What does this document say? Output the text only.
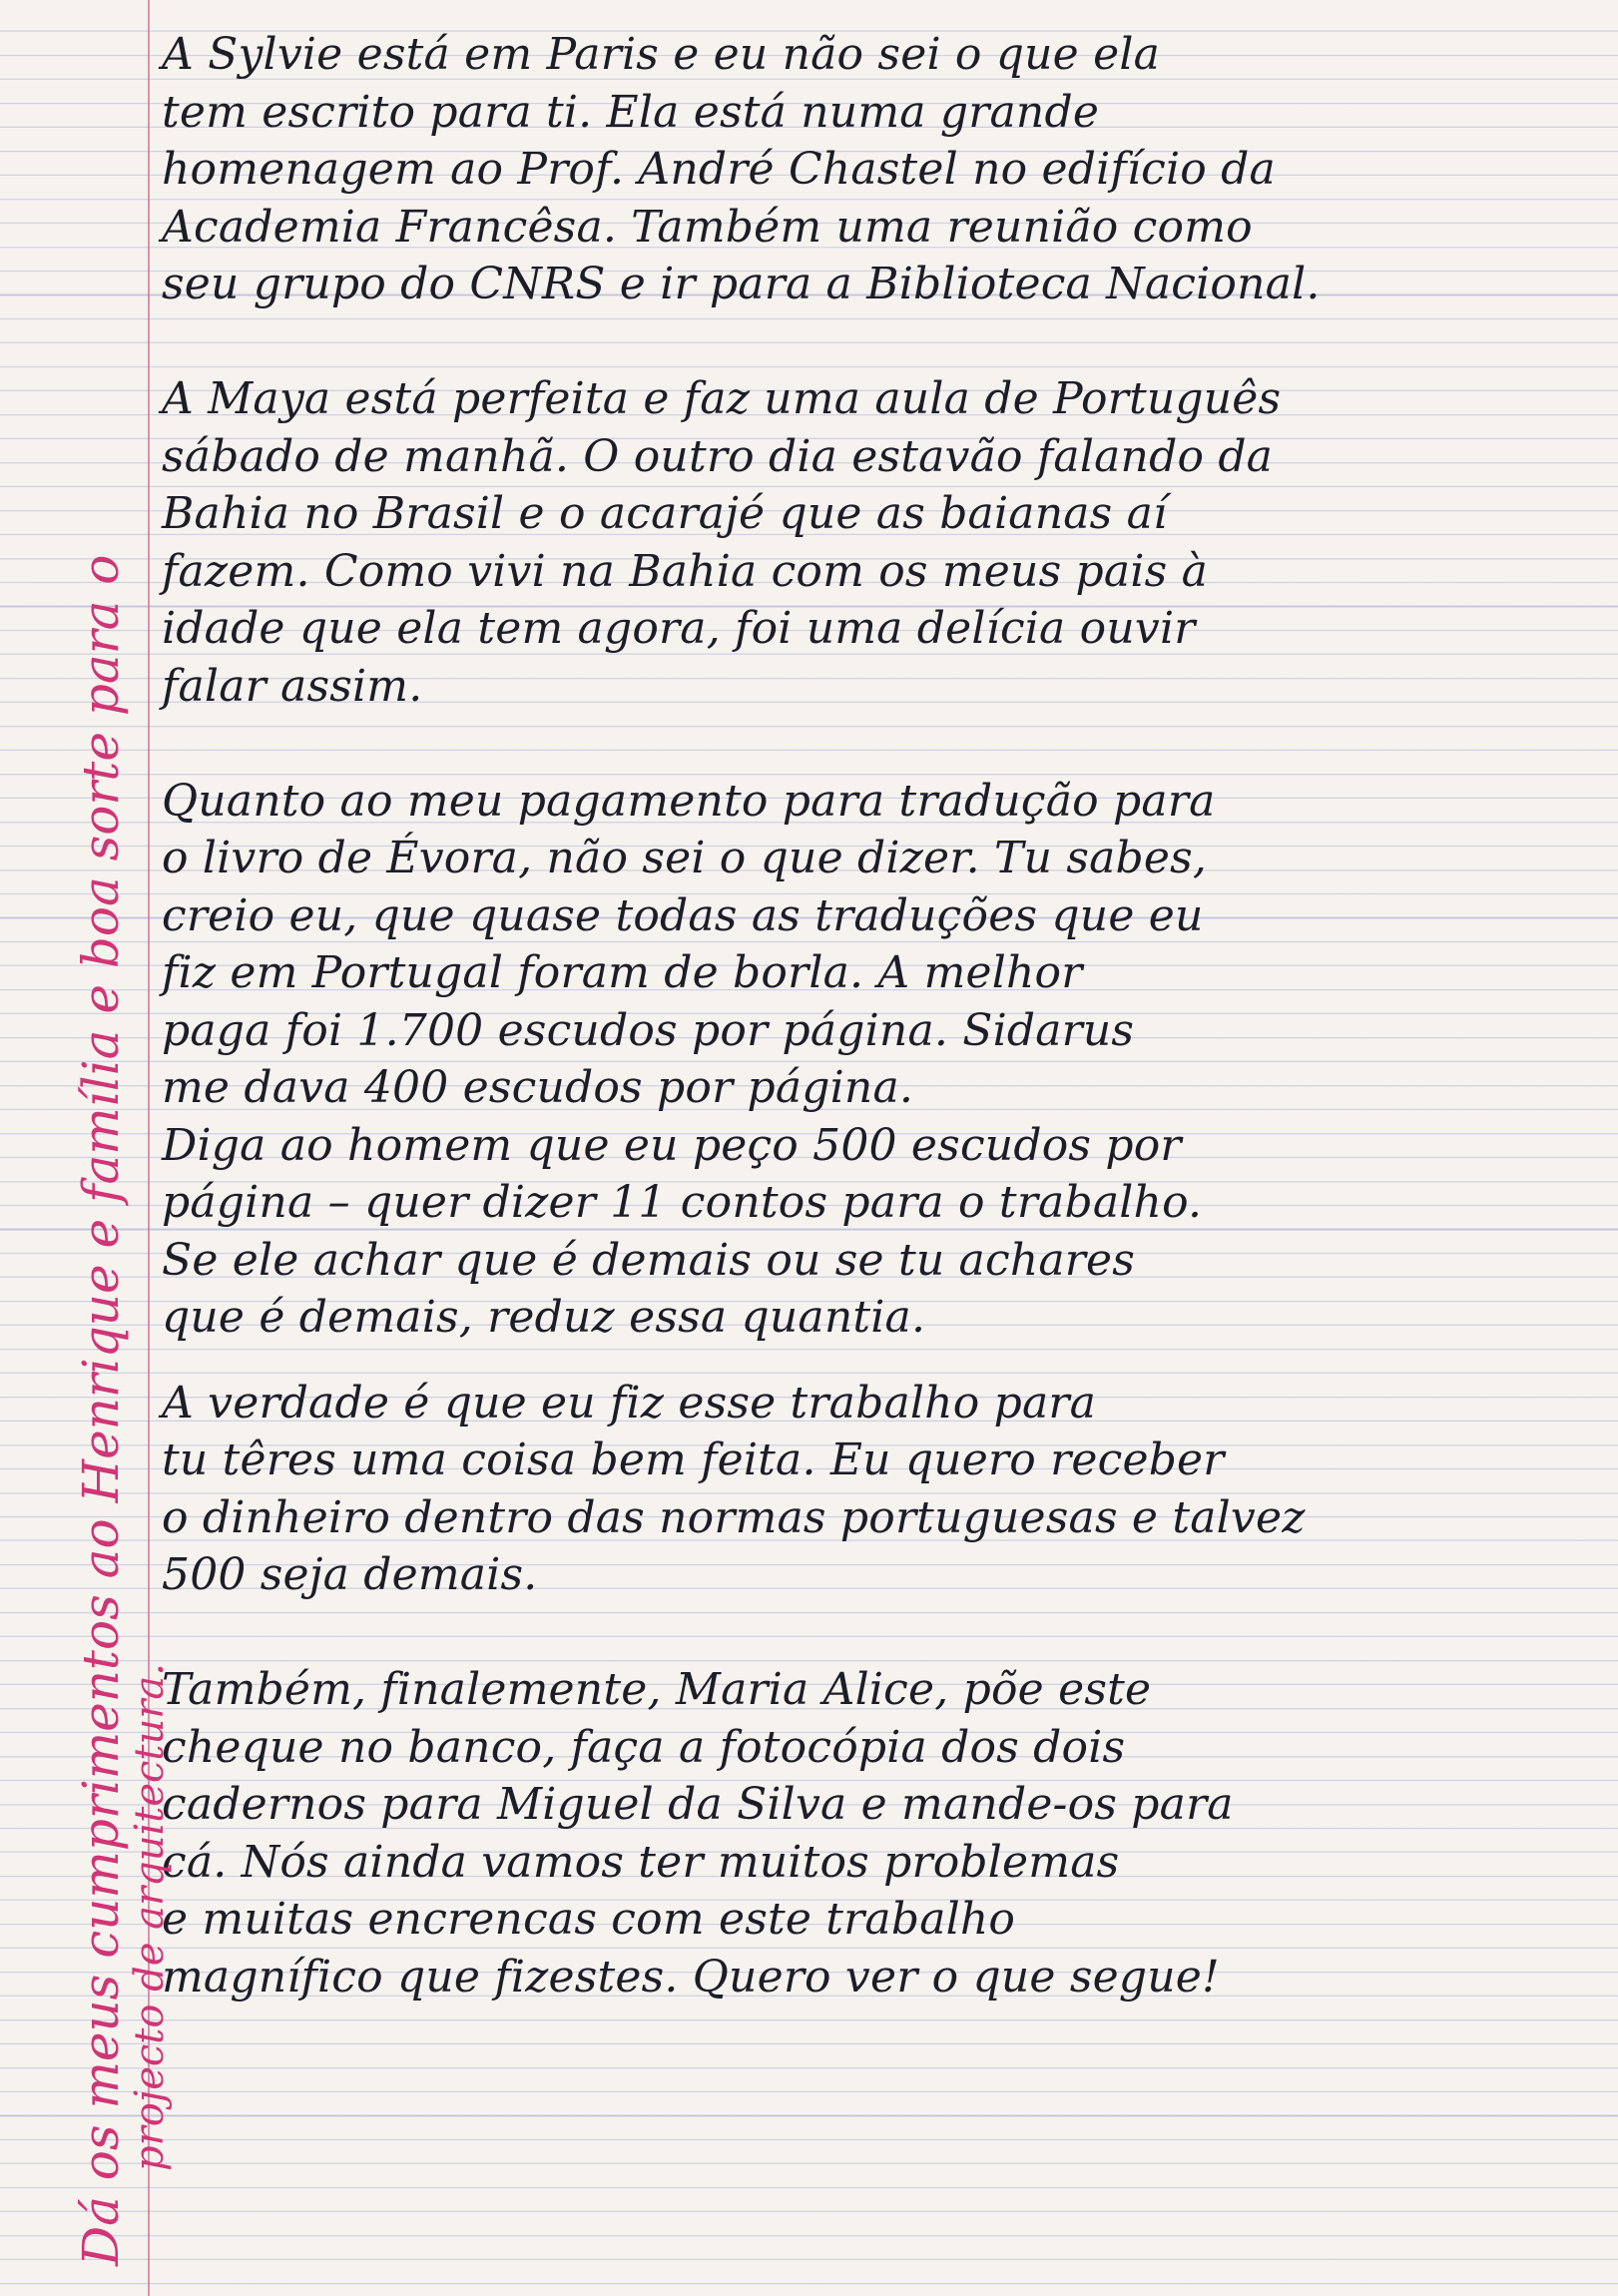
A Sylvie está em Paris e eu não sei o que ela
tem escrito para ti. Ela está numa grande
homenagem ao Prof. André Chastel no edifício da
Academia Francêsa. Também uma reunião como
seu grupo do CNRS e ir para a Biblioteca Nacional.
A Maya está perfeita e faz uma aula de Português
sábado de manhã. O outro dia estavão falando da
Bahia no Brasil e o acarajé que as baianas aí
fazem. Como vivi na Bahia com os meus pais à
idade que ela tem agora, foi uma delícia ouvir
falar assim.
Quanto ao meu pagamento para tradução para
o livro de Évora, não sei o que dizer. Tu sabes,
creio eu, que quase todas as traduções que eu
fiz em Portugal foram de borla. A melhor
paga foi 1.700 escudos por página. Sidarus
me dava 400 escudos por página.
Diga ao homem que eu peço 500 escudos por
página – quer dizer 11 contos para o trabalho.
Se ele achar que é demais ou se tu achares
que é demais, reduz essa quantia.
A verdade é que eu fiz esse trabalho para
tu têres uma coisa bem feita. Eu quero receber
o dinheiro dentro das normas portuguesas e talvez
500 seja demais.
Também, finalemente, Maria Alice, põe este
cheque no banco, faça a fotocópia dos dois
cadernos para Miguel da Silva e mande-os para
cá. Nós ainda vamos ter muitos problemas
e muitas encrencas com este trabalho
magnífico que fizestes. Quero ver o que segue!
Dá os meus cumprimentos ao Henrique e família e boa sorte para o
projecto de arquitectura.
